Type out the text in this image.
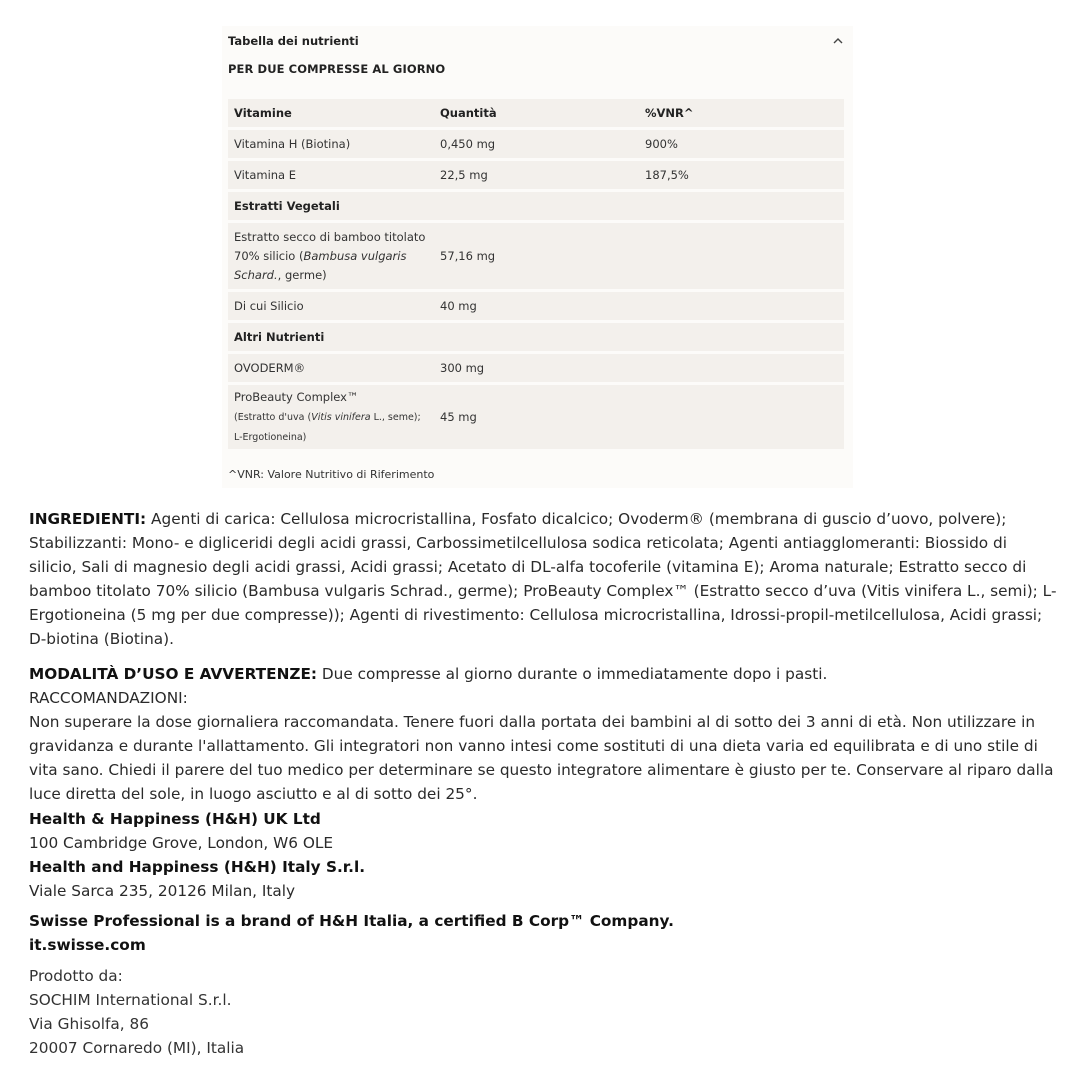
Tabella dei nutrienti
PER DUE COMPRESSE AL GIORNO
Vitamine	Quantità	%VNR^
Vitamina H (Biotina)	0,450 mg	900%
Vitamina E	22,5 mg	187,5%
Estratti Vegetali		
Estratto secco di bamboo titolato
70% silicio (Bambusa vulgaris
Schard., germe)	57,16 mg	
Di cui Silicio	40 mg	
Altri Nutrienti		
OVODERM®	300 mg	
ProBeauty Complex™
(Estratto d'uva (Vitis vinifera L., seme);
L-Ergotioneina)	45 mg	
^VNR: Valore Nutritivo di Riferimento
INGREDIENTI: Agenti di carica: Cellulosa microcristallina, Fosfato dicalcico; Ovoderm® (membrana di guscio d’uovo, polvere); Stabilizzanti: Mono- e digliceridi degli acidi grassi, Carbossimetilcellulosa sodica reticolata; Agenti antiagglomeranti: Biossido di silicio, Sali di magnesio degli acidi grassi, Acidi grassi; Acetato di DL-alfa tocoferile (vitamina E); Aroma naturale; Estratto secco di bamboo titolato 70% silicio (Bambusa vulgaris Schrad., germe); ProBeauty Complex™ (Estratto secco d’uva (Vitis vinifera L., semi); L-Ergotioneina (5 mg per due compresse)); Agenti di rivestimento: Cellulosa microcristallina, Idrossi-propil-metilcellulosa, Acidi grassi; D-biotina (Biotina).
MODALITÀ D’USO E AVVERTENZE: Due compresse al giorno durante o immediatamente dopo i pasti.
RACCOMANDAZIONI:
Non superare la dose giornaliera raccomandata. Tenere fuori dalla portata dei bambini al di sotto dei 3 anni di età. Non utilizzare in gravidanza e durante l'allattamento. Gli integratori non vanno intesi come sostituti di una dieta varia ed equilibrata e di uno stile di vita sano. Chiedi il parere del tuo medico per determinare se questo integratore alimentare è giusto per te. Conservare al riparo dalla luce diretta del sole, in luogo asciutto e al di sotto dei 25°.
Health & Happiness (H&H) UK Ltd
100 Cambridge Grove, London, W6 OLE
Health and Happiness (H&H) Italy S.r.l.
Viale Sarca 235, 20126 Milan, Italy
Swisse Professional is a brand of H&H Italia, a certified B Corp™ Company.
it.swisse.com
Prodotto da:
SOCHIM International S.r.l.
Via Ghisolfa, 86
20007 Cornaredo (MI), Italia
